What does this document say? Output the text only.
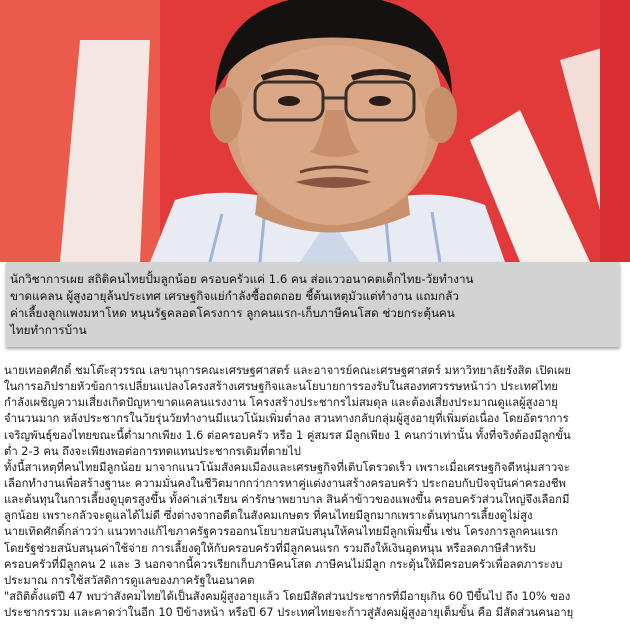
นักวิชาการเผย สถิติคนไทยปั้มลูกน้อย ครอบครัวแค่ 1.6 คน ส่อแววอนาคตเด็กไทย-วัยทำงาน
ขาดแคลน ผู้สูงอายุล้นประเทศ เศรษฐกิจแย่กำลังซื้อถดถอย ชี้ต้นเหตุมัวแต่ทำงาน แถมกลัว
ค่าเลี้ยงลูกแพงมหาโหด หนุนรัฐคลอดโครงการ ลูกคนแรก-เก็บภาษีคนโสด ช่วยกระตุ้นคน
ไทยทำการบ้าน
นายเทอดศักดิ์ ชมโต๊ะสุวรรณ เลขานุการคณะเศรษฐศาสตร์ และอาจารย์คณะเศรษฐศาสตร์ มหาวิทยาลัยรังสิต เปิดเผย
ในการอภิปรายหัวข้อการเปลี่ยนแปลงโครงสร้างเศรษฐกิจและนโยบายการรองรับในสองทศวรรษหน้าว่า ประเทศไทย
กำลังเผชิญความเสี่ยงเกิดปัญหาขาดแคลนแรงงาน โครงสร้างประชากรไม่สมดุล และต้องเสี่ยงประมาณดูแลผู้สูงอายุ
จำนวนมาก หลังประชากรในวัยรุ่นวัยทำงานมีแนวโน้มเพิ่มต่ำลง สวนทางกลับกลุ่มผู้สูงอายุที่เพิ่มต่อเนื่อง โดยอัตราการ
เจริญพันธุ์ของไทยขณะนี้ต่ำมากเพียง 1.6 ต่อครอบครัว หรือ 1 คู่สมรส มีลูกเพียง 1 คนกว่าเท่านั้น ทั้งที่จริงต้องมีลูกขั้น
ต่ำ 2-3 คน ถึงจะเพียงพอต่อการทดแทนประชากรเดิมที่ตายไป
ทั้งนี้สาเหตุที่คนไทยมีลูกน้อย มาจากแนวโน้มสังคมเมืองและเศรษฐกิจที่เติบโตรวดเร็ว เพราะเมื่อเศรษฐกิจดีหนุ่มสาวจะ
เลือกทำงานเพื่อสร้างฐานะ ความมั่นคงในชีวิตมากกว่าการหาคู่แต่งงานสร้างครอบครัว ประกอบกับปัจจุบันค่าครองชีพ
และต้นทุนในการเลี้ยงดูบุตรสูงขึ้น ทั้งค่าเล่าเรียน ค่ารักษาพยาบาล สินค้าข้าวของแพงขึ้น ครอบครัวส่วนใหญ่จึงเลือกมี
ลูกน้อย เพราะกลัวจะดูแลได้ไม่ดี ซึ่งต่างจากอดีตในสังคมเกษตร ที่คนไทยมีลูกมากเพราะต้นทุนการเลี้ยงดูไม่สูง
นายเทิดศักดิ์กล่าวว่า แนวทางแก้ไขภาครัฐควรออกนโยบายสนับสนุนให้คนไทยมีลูกเพิ่มขึ้น เช่น โครงการลูกคนแรก
โดยรัฐช่วยสนับสนุนค่าใช้จ่าย การเลี้ยงดูให้กับครอบครัวที่มีลูกคนแรก รวมถึงให้เงินอุดหนุน หรือลดภาษีสำหรับ
ครอบครัวที่มีลูกคน 2 และ 3 นอกจากนี้ควรเรียกเก็บภาษีคนโสด ภาษีคนไม่มีลูก กระตุ้นให้มีครอบครัวเพื่อลดภาระงบ
ประมาณ การใช้สวัสดิการดูแลของภาครัฐในอนาคต
"สถิติตั้งแต่ปี 47 พบว่าสังคมไทยได้เป็นสังคมผู้สูงอายุแล้ว โดยมีสัดส่วนประชากรที่มีอายุเกิน 60 ปีขึ้นไป ถึง 10% ของ
ประชากรรวม และคาดว่าในอีก 10 ปีข้างหน้า หรือปี 67 ประเทศไทยจะก้าวสู่สังคมผู้สูงอายุเต็มขั้น คือ มีสัดส่วนคนอายุ
